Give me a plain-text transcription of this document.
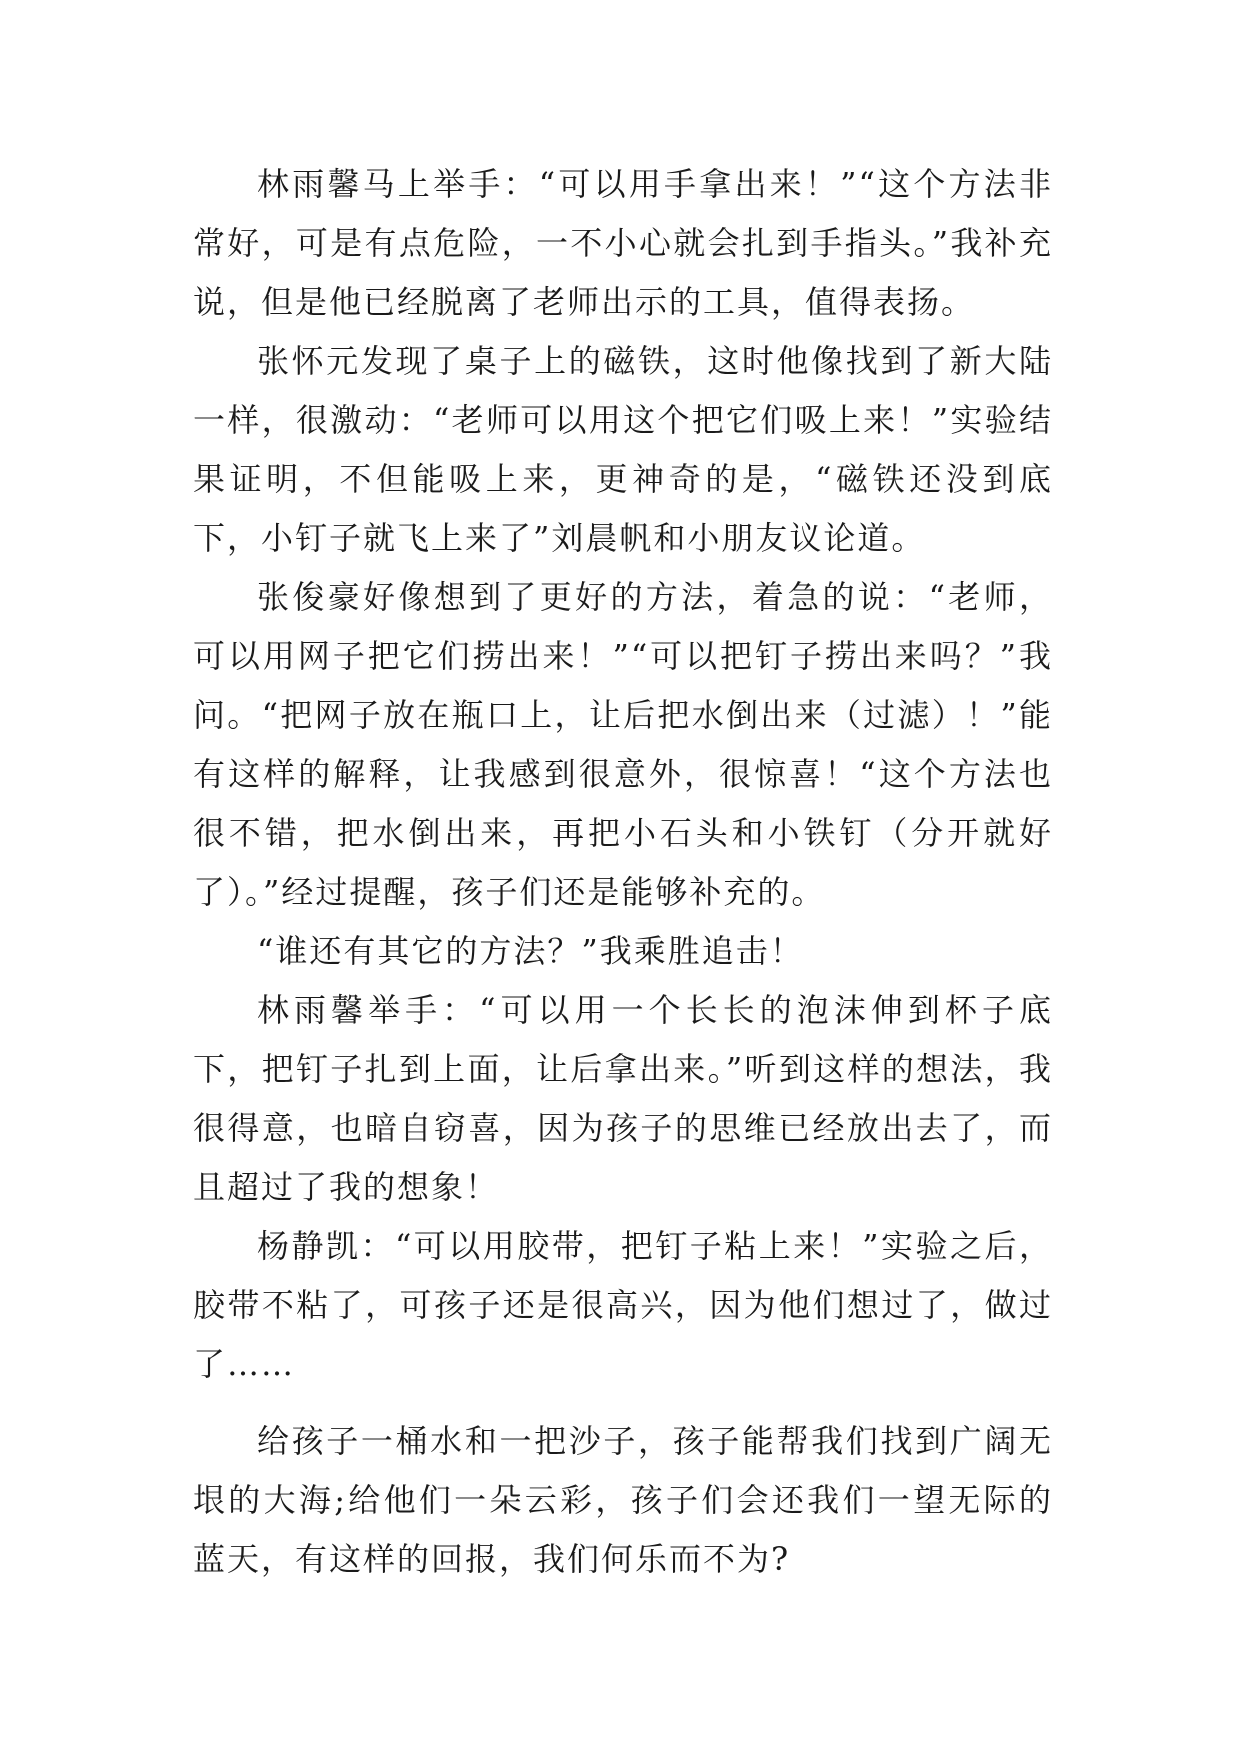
林雨馨马上举手：“可以用手拿出来！”“这个方法非常好，可是有点危险，一不小心就会扎到手指头。”我补充说，但是他已经脱离了老师出示的工具，值得表扬。

张怀元发现了桌子上的磁铁，这时他像找到了新大陆一样，很激动：“老师可以用这个把它们吸上来！”实验结果证明，不但能吸上来，更神奇的是，“磁铁还没到底下，小钉子就飞上来了”刘晨帆和小朋友议论道。

张俊豪好像想到了更好的方法，着急的说：“老师，可以用网子把它们捞出来！”“可以把钉子捞出来吗？”我问。“把网子放在瓶口上，让后把水倒出来（过滤）！”能有这样的解释，让我感到很意外，很惊喜！“这个方法也很不错，把水倒出来，再把小石头和小铁钉（分开就好了）。”经过提醒，孩子们还是能够补充的。

“谁还有其它的方法？”我乘胜追击！

林雨馨举手：“可以用一个长长的泡沫伸到杯子底下，把钉子扎到上面，让后拿出来。”听到这样的想法，我很得意，也暗自窃喜，因为孩子的思维已经放出去了，而且超过了我的想象！

杨静凯：“可以用胶带，把钉子粘上来！”实验之后，胶带不粘了，可孩子还是很高兴，因为他们想过了，做过了……

给孩子一桶水和一把沙子，孩子能帮我们找到广阔无垠的大海;给他们一朵云彩，孩子们会还我们一望无际的蓝天，有这样的回报，我们何乐而不为?
